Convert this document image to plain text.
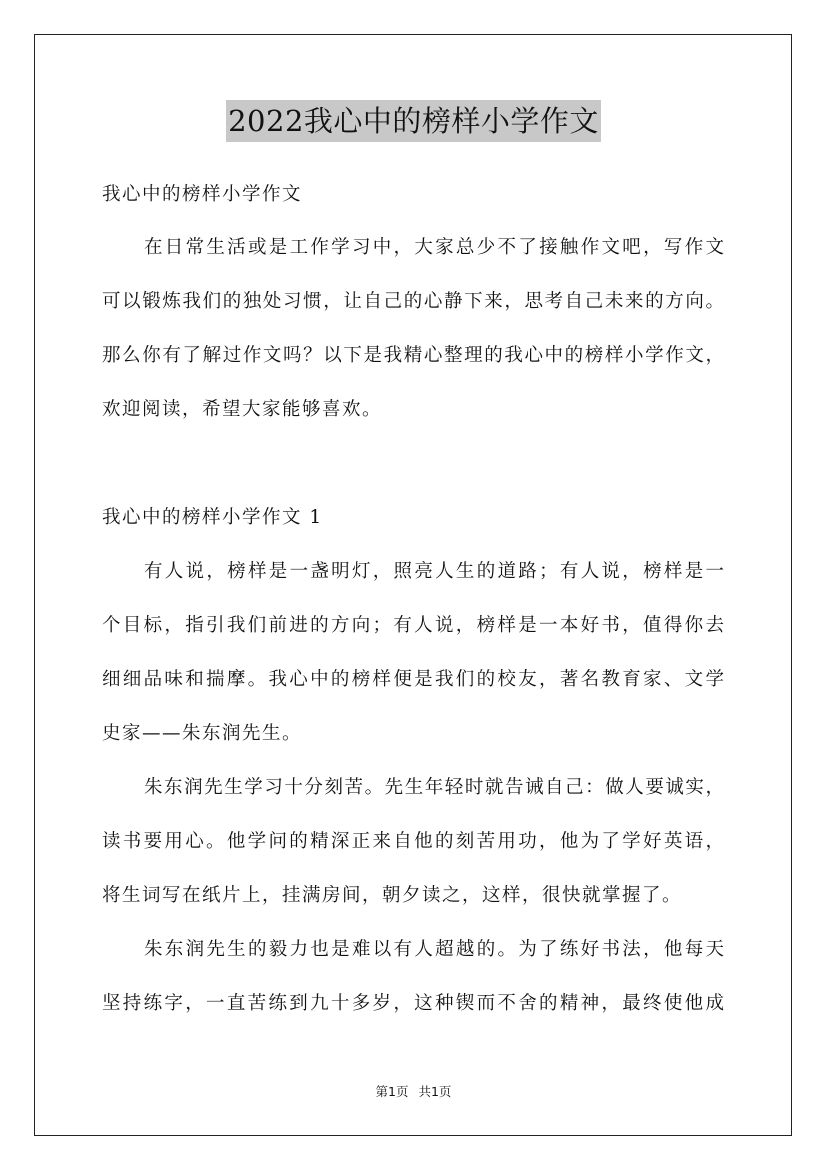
2022我心中的榜样小学作文
我心中的榜样小学作文
在日常生活或是工作学习中，大家总少不了接触作文吧，写作文
可以锻炼我们的独处习惯，让自己的心静下来，思考自己未来的方向。
那么你有了解过作文吗？以下是我精心整理的我心中的榜样小学作文，
欢迎阅读，希望大家能够喜欢。
我心中的榜样小学作文 1
有人说，榜样是一盏明灯，照亮人生的道路；有人说，榜样是一
个目标，指引我们前进的方向；有人说，榜样是一本好书，值得你去
细细品味和揣摩。我心中的榜样便是我们的校友，著名教育家、文学
史家——朱东润先生。
朱东润先生学习十分刻苦。先生年轻时就告诫自己：做人要诚实，
读书要用心。他学问的精深正来自他的刻苦用功，他为了学好英语，
将生词写在纸片上，挂满房间，朝夕读之，这样，很快就掌握了。
朱东润先生的毅力也是难以有人超越的。为了练好书法，他每天
坚持练字，一直苦练到九十多岁，这种锲而不舍的精神，最终使他成
第1页 共1页
